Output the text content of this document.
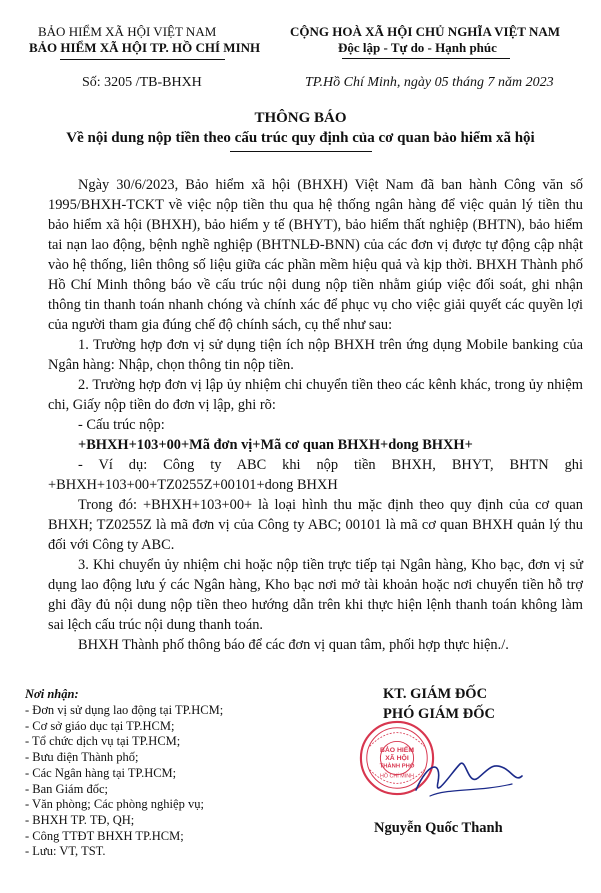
BẢO HIỂM XÃ HỘI VIỆT NAM
BẢO HIỂM XÃ HỘI TP. HỒ CHÍ MINH
CỘNG HOÀ XÃ HỘI CHỦ NGHĨA VIỆT NAM
Độc lập - Tự do - Hạnh phúc
Số: 3205 /TB-BHXH	TP.Hồ Chí Minh, ngày 05 tháng 7 năm 2023
THÔNG BÁO
Về nội dung nộp tiền theo cấu trúc quy định của cơ quan bảo hiểm xã hội

Ngày 30/6/2023, Bảo hiểm xã hội (BHXH) Việt Nam đã ban hành Công văn số 1995/BHXH-TCKT về việc nộp tiền thu qua hệ thống ngân hàng để việc quản lý tiền thu bảo hiểm xã hội (BHXH), bảo hiểm y tế (BHYT), bảo hiểm thất nghiệp (BHTN), bảo hiểm tai nạn lao động, bệnh nghề nghiệp (BHTNLĐ-BNN) của các đơn vị được tự động cập nhật vào hệ thống, liên thông số liệu giữa các phần mềm hiệu quả và kịp thời. BHXH Thành phố Hồ Chí Minh thông báo về cấu trúc nội dung nộp tiền nhằm giúp việc đối soát, ghi nhận thông tin thanh toán nhanh chóng và chính xác để phục vụ cho việc giải quyết các quyền lợi của người tham gia đúng chế độ chính sách, cụ thể như sau:

1. Trường hợp đơn vị sử dụng tiện ích nộp BHXH trên ứng dụng Mobile banking của Ngân hàng: Nhập, chọn thông tin nộp tiền.

2. Trường hợp đơn vị lập ủy nhiệm chi chuyển tiền theo các kênh khác, trong ủy nhiệm chi, Giấy nộp tiền do đơn vị lập, ghi rõ:

- Cấu trúc nộp:

+BHXH+103+00+Mã đơn vị+Mã cơ quan BHXH+dong BHXH+

- Ví dụ: Công ty ABC khi nộp tiền BHXH, BHYT, BHTN ghi +BHXH+103+00+TZ0255Z+00101+dong BHXH

Trong đó: +BHXH+103+00+ là loại hình thu mặc định theo quy định của cơ quan BHXH; TZ0255Z là mã đơn vị của Công ty ABC; 00101 là mã cơ quan BHXH quản lý thu đối với Công ty ABC.

3. Khi chuyển ủy nhiệm chi hoặc nộp tiền trực tiếp tại Ngân hàng, Kho bạc, đơn vị sử dụng lao động lưu ý các Ngân hàng, Kho bạc nơi mở tài khoản hoặc nơi chuyển tiền hỗ trợ ghi đầy đủ nội dung nộp tiền theo hướng dẫn trên khi thực hiện lệnh thanh toán không làm sai lệch cấu trúc nội dung thanh toán.

BHXH Thành phố thông báo để các đơn vị quan tâm, phối hợp thực hiện./.

Nơi nhận:
- Đơn vị sử dụng lao động tại TP.HCM;
- Cơ sở giáo dục tại TP.HCM;
- Tổ chức dịch vụ tại TP.HCM;
- Bưu điện Thành phố;
- Các Ngân hàng tại TP.HCM;
- Ban Giám đốc;
- Văn phòng; Các phòng nghiệp vụ;
- BHXH TP. TĐ, QH;
- Công TTĐT BHXH TP.HCM;
- Lưu: VT, TST.
KT. GIÁM ĐỐC
PHÓ GIÁM ĐỐC
BẢO HIỂM
XÃ HỘI
THÀNH PHỐ
HỒ CHÍ MINH
Nguyễn Quốc Thanh
